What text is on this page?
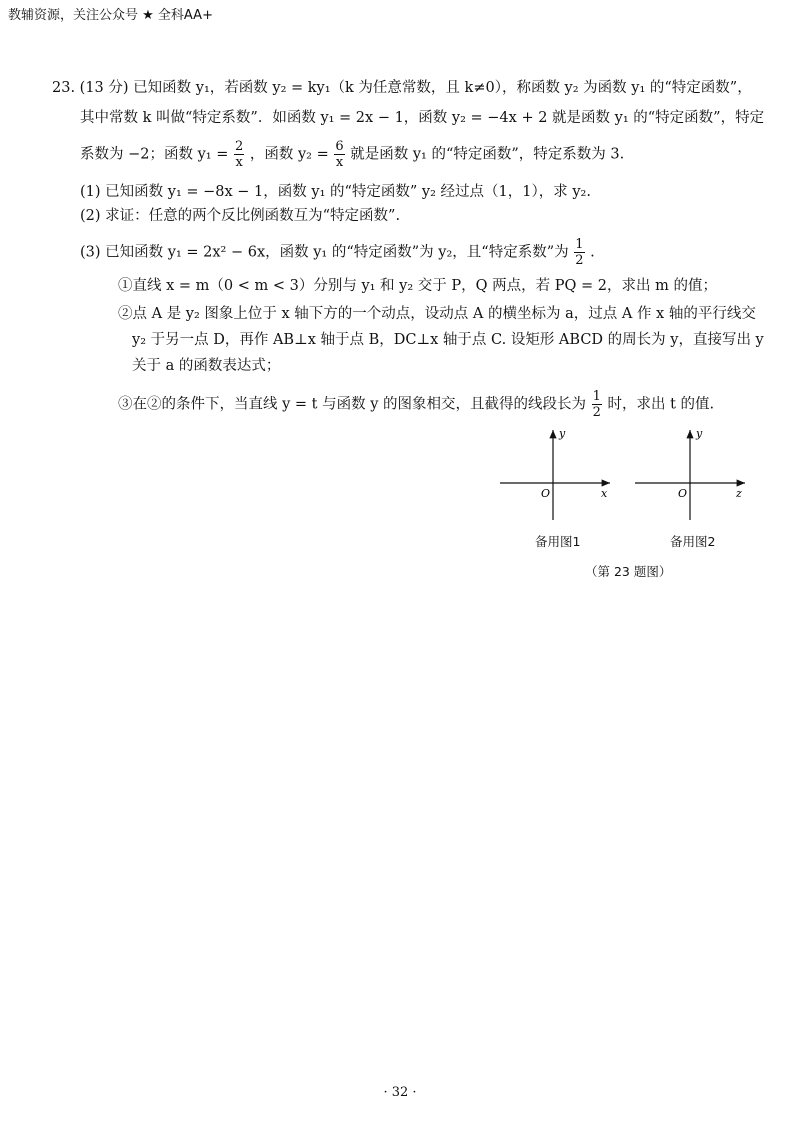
教辅资源，关注公众号 ★ 全科AA+
23. (13 分) 已知函数 y₁，若函数 y₂ = ky₁（k 为任意常数，且 k≠0），称函数 y₂ 为函数 y₁ 的“特定函数”，
其中常数 k 叫做“特定系数”．如函数 y₁ = 2x − 1，函数 y₂ = −4x + 2 就是函数 y₁ 的“特定函数”，特定
系数为 −2；函数 $y_1 = \frac{2}{x}$ ，函数 $y_2 = \frac{6}{x}$ 就是函数 y₁ 的“特定函数”，特定系数为 3.
(1) 已知函数 y₁ = −8x − 1，函数 y₁ 的“特定函数” y₂ 经过点（1，1），求 y₂.
(2) 求证：任意的两个反比例函数互为“特定函数”.
(3) 已知函数 y₁ = 2x² − 6x，函数 y₁ 的“特定函数”为 y₂，且“特定系数”为 $\frac{1}{2}$ .
①直线 x = m（0 < m < 3）分别与 y₁ 和 y₂ 交于 P，Q 两点，若 PQ = 2，求出 m 的值；
②点 A 是 y₂ 图象上位于 x 轴下方的一个动点，设动点 A 的横坐标为 a，过点 A 作 x 轴的平行线交
y₂ 于另一点 D，再作 AB⊥x 轴于点 B，DC⊥x 轴于点 C. 设矩形 ABCD 的周长为 y，直接写出 y
关于 a 的函数表达式；
③在②的条件下，当直线 y = t 与函数 y 的图象相交，且截得的线段长为 $\frac{1}{2}$ 时，求出 t 的值.
O	x
y
备用图1
O	z
y
备用图2
（第 23 题图）
· 32 ·
